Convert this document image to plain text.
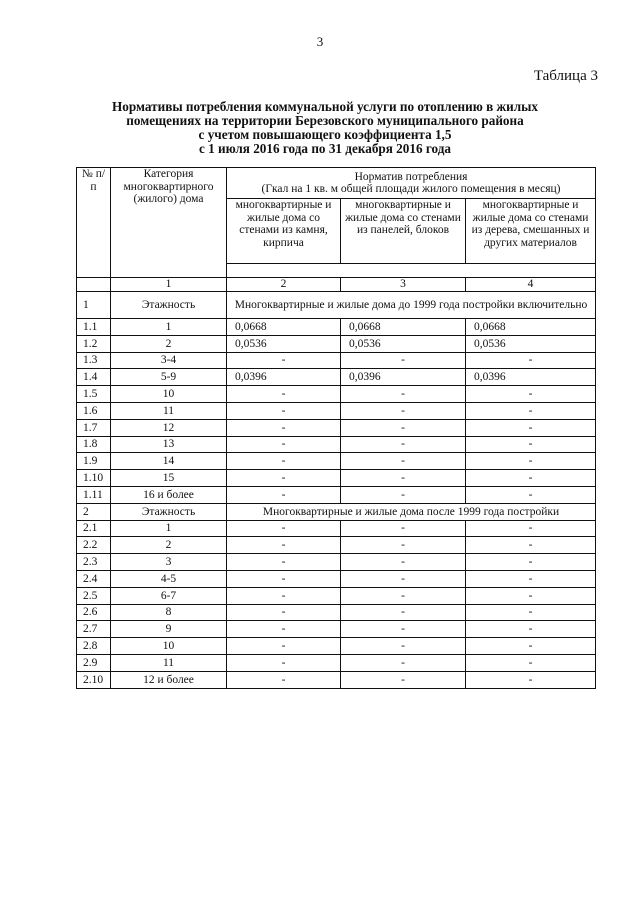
3
Таблица 3
Нормативы потребления коммунальной услуги по отоплению в жилых
помещениях на территории Березовского муниципального района
с учетом повышающего коэффициента 1,5
с 1 июля 2016 года по 31 декабря 2016 года
№ п/п	Категория многоквартирного (жилого) дома	Норматив потребления
(Гкал на 1 кв. м общей площади жилого помещения в месяц)		

		многоквартирные и жилые дома со стенами из камня, кирпича	многоквартирные и жилые дома со стенами из панелей, блоков	многоквартирные и жилые дома со стенами из дерева, смешанных и других материалов

	1	2	3	4
1	Этажность	Многоквартирные и жилые дома до 1999 года постройки включительно		
1.1	1	0,0668	0,0668	0,0668
1.2	2	0,0536	0,0536	0,0536
1.3	3-4	-	-	-
1.4	5-9	0,0396	0,0396	0,0396
1.5	10	-	-	-
1.6	11	-	-	-
1.7	12	-	-	-
1.8	13	-	-	-
1.9	14	-	-	-
1.10	15	-	-	-
1.11	16 и более	-	-	-
2	Этажность	Многоквартирные и жилые дома после 1999 года постройки		
2.1	1	-	-	-
2.2	2	-	-	-
2.3	3	-	-	-
2.4	4-5	-	-	-
2.5	6-7	-	-	-
2.6	8	-	-	-
2.7	9	-	-	-
2.8	10	-	-	-
2.9	11	-	-	-
2.10	12 и более	-	-	-
